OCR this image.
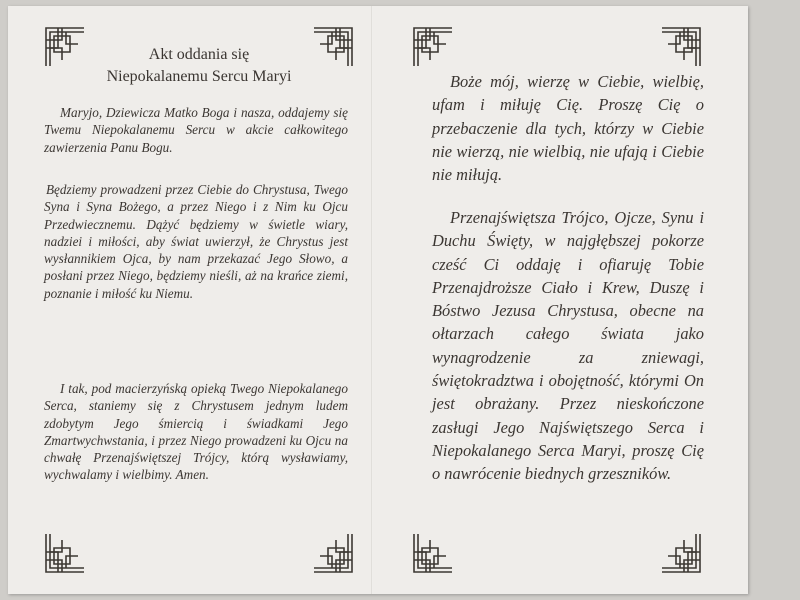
Akt oddania się
Niepokalanemu Sercu Maryi

Maryjo, Dziewicza Matko Boga i nasza, oddajemy się Twemu Niepokalanemu Sercu w akcie całkowitego zawierzenia Panu Bogu.

Będziemy prowadzeni przez Ciebie do Chrystusa, Twego Syna i Syna Bożego, a przez Niego i z Nim ku Ojcu Przedwiecznemu. Dążyć będziemy w świetle wiary, nadziei i miłości, aby świat uwierzył, że Chrystus jest wysłannikiem Ojca, by nam przekazać Jego Słowo, a posłani przez Niego, będziemy nieśli, aż na krańce ziemi, poznanie i miłość ku Niemu.

I tak, pod macierzyńską opieką Twego Niepokalanego Serca, staniemy się z Chrystusem jednym ludem zdobytym Jego śmiercią i świadkami Jego Zmartwychwstania, i przez Niego prowadzeni ku Ojcu na chwałę Przenajświętszej Trójcy, którą wysławiamy, wychwalamy i wielbimy. Amen.

Boże mój, wierzę w Ciebie, wielbię, ufam i miłuję Cię. Proszę Cię o przebaczenie dla tych, którzy w Ciebie nie wierzą, nie wielbią, nie ufają i Ciebie nie miłują.

Przenajświętsza Trójco, Ojcze, Synu i Duchu Święty, w najgłębszej pokorze cześć Ci oddaję i ofiaruję Tobie Przenajdroższe Ciało i Krew, Duszę i Bóstwo Jezusa Chrystusa, obecne na ołtarzach całego świata jako wynagrodzenie za zniewagi, świętokradztwa i obojętność, którymi On jest obrażany. Przez nieskończone zasługi Jego Najświętszego Serca i Niepokalanego Serca Maryi, proszę Cię o nawrócenie biednych grzeszników.
